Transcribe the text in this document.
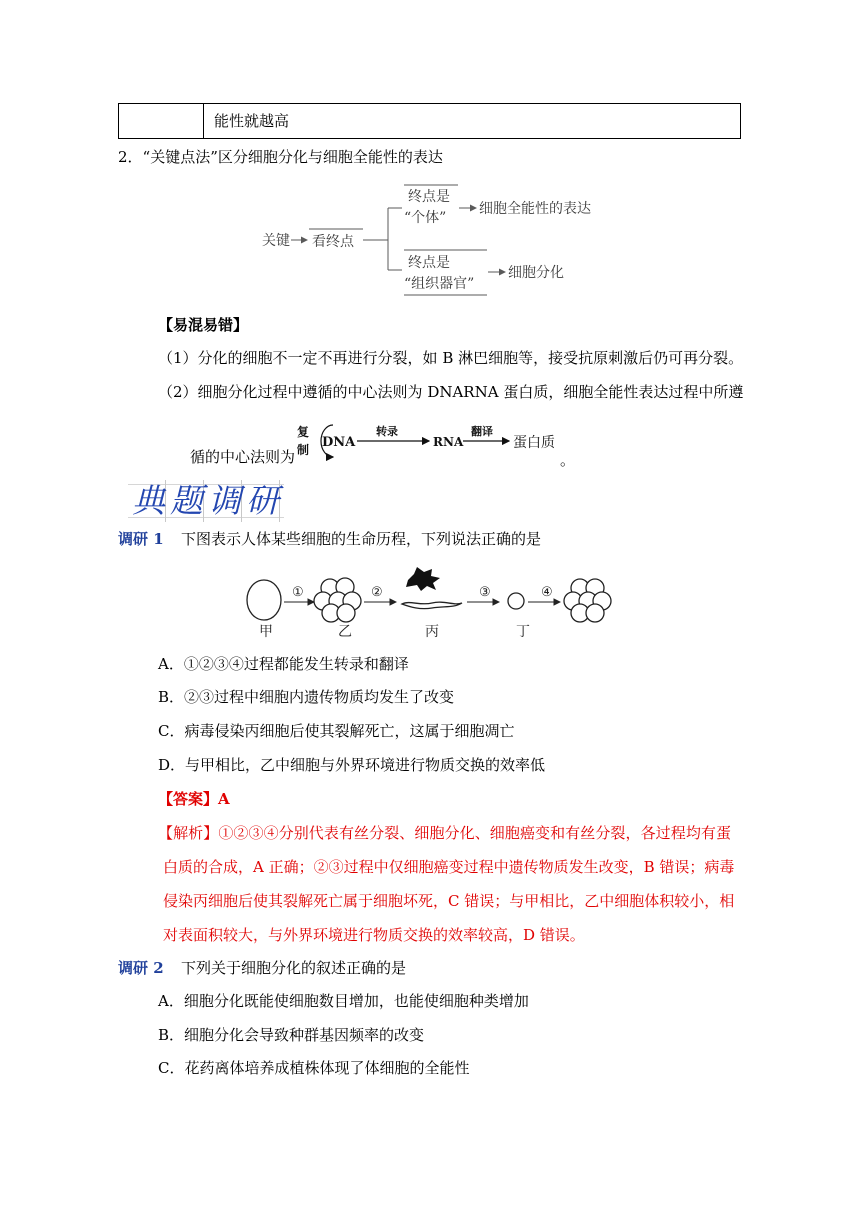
能性就越高
2．“关键点法”区分细胞分化与细胞全能性的表达
关键 看终点
终点是
“个体”
细胞全能性的表达
终点是
“组织器官”
细胞分化
【易混易错】
（1）分化的细胞不一定不再进行分裂，如 B 淋巴细胞等，接受抗原刺激后仍可再分裂。
（2）细胞分化过程中遵循的中心法则为 DNARNA 蛋白质，细胞全能性表达过程中所遵
循的中心法则为
复
制 DNA
转录
RNA
翻译
蛋白质
。
典题调研
调研 1 下图表示人体某些细胞的生命历程，下列说法正确的是
①	②	③	④
甲	乙	丙	丁
A．①②③④过程都能发生转录和翻译
B．②③过程中细胞内遗传物质均发生了改变
C．病毒侵染丙细胞后使其裂解死亡，这属于细胞凋亡
D．与甲相比，乙中细胞与外界环境进行物质交换的效率低
【答案】A
【解析】①②③④分别代表有丝分裂、细胞分化、细胞癌变和有丝分裂，各过程均有蛋
白质的合成，A 正确；②③过程中仅细胞癌变过程中遗传物质发生改变，B 错误；病毒
侵染丙细胞后使其裂解死亡属于细胞坏死，C 错误；与甲相比，乙中细胞体积较小，相
对表面积较大，与外界环境进行物质交换的效率较高，D 错误。
调研 2 下列关于细胞分化的叙述正确的是
A．细胞分化既能使细胞数目增加，也能使细胞种类增加
B．细胞分化会导致种群基因频率的改变
C．花药离体培养成植株体现了体细胞的全能性
